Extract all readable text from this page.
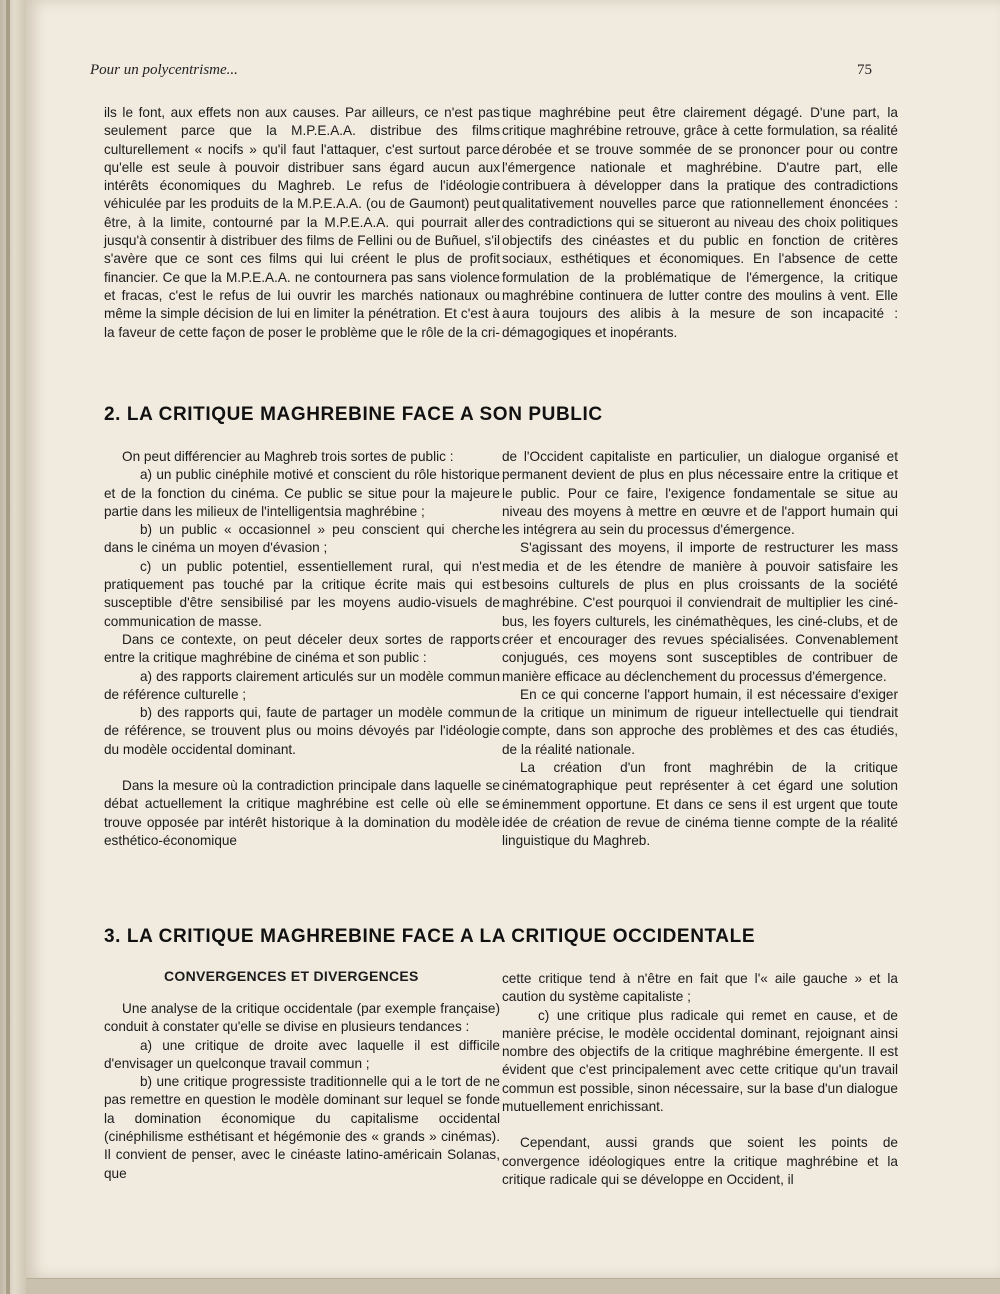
Pour un polycentrisme...	75

ils le font, aux effets non aux causes. Par ailleurs, ce n'est pas seulement parce que la M.P.E.A.A. distribue des films culturellement « nocifs » qu'il faut l'attaquer, c'est surtout parce qu'elle est seule à pouvoir distribuer sans égard aucun aux intérêts économiques du Maghreb. Le refus de l'idéologie véhiculée par les produits de la M.P.E.A.A. (ou de Gaumont) peut être, à la limite, contourné par la M.P.E.A.A. qui pourrait aller jusqu'à consentir à distribuer des films de Fellini ou de Buñuel, s'il s'avère que ce sont ces films qui lui créent le plus de profit financier. Ce que la M.P.E.A.A. ne contournera pas sans violence et fracas, c'est le refus de lui ouvrir les marchés nationaux ou même la simple décision de lui en limiter la pénétration. Et c'est à la faveur de cette façon de poser le problème que le rôle de la cri-

tique maghrébine peut être clairement dégagé. D'une part, la critique maghrébine retrouve, grâce à cette formulation, sa réalité dérobée et se trouve sommée de se prononcer pour ou contre l'émergence nationale et maghrébine. D'autre part, elle contribuera à développer dans la pratique des contradictions qualitativement nouvelles parce que rationnellement énoncées : des contradictions qui se situeront au niveau des choix politiques objectifs des cinéastes et du public en fonction de critères sociaux, esthétiques et économiques. En l'absence de cette formulation de la problématique de l'émergence, la critique maghrébine continuera de lutter contre des moulins à vent. Elle aura toujours des alibis à la mesure de son incapacité : démagogiques et inopérants.

2. LA CRITIQUE MAGHREBINE FACE A SON PUBLIC

On peut différencier au Maghreb trois sortes de public :

a) un public cinéphile motivé et conscient du rôle historique et de la fonction du cinéma. Ce public se situe pour la majeure partie dans les milieux de l'intelligentsia maghrébine ;

b) un public « occasionnel » peu conscient qui cherche dans le cinéma un moyen d'évasion ;

c) un public potentiel, essentiellement rural, qui n'est pratiquement pas touché par la critique écrite mais qui est susceptible d'être sensibilisé par les moyens audio-visuels de communication de masse.

Dans ce contexte, on peut déceler deux sortes de rapports entre la critique maghrébine de cinéma et son public :

a) des rapports clairement articulés sur un modèle commun de référence culturelle ;

b) des rapports qui, faute de partager un modèle commun de référence, se trouvent plus ou moins dévoyés par l'idéologie du modèle occidental dominant.

Dans la mesure où la contradiction principale dans laquelle se débat actuellement la critique maghrébine est celle où elle se trouve opposée par intérêt historique à la domination du modèle esthético-économique

de l'Occident capitaliste en particulier, un dialogue organisé et permanent devient de plus en plus nécessaire entre la critique et le public. Pour ce faire, l'exigence fondamentale se situe au niveau des moyens à mettre en œuvre et de l'apport humain qui les intégrera au sein du processus d'émergence.

S'agissant des moyens, il importe de restructurer les mass media et de les étendre de manière à pouvoir satisfaire les besoins culturels de plus en plus croissants de la société maghrébine. C'est pourquoi il conviendrait de multiplier les ciné-bus, les foyers culturels, les cinémathèques, les ciné-clubs, et de créer et encourager des revues spécialisées. Convenablement conjugués, ces moyens sont susceptibles de contribuer de manière efficace au déclenchement du processus d'émergence.

En ce qui concerne l'apport humain, il est nécessaire d'exiger de la critique un minimum de rigueur intellectuelle qui tiendrait compte, dans son approche des problèmes et des cas étudiés, de la réalité nationale.

La création d'un front maghrébin de la critique cinématographique peut représenter à cet égard une solution éminemment opportune. Et dans ce sens il est urgent que toute idée de création de revue de cinéma tienne compte de la réalité linguistique du Maghreb.

3. LA CRITIQUE MAGHREBINE FACE A LA CRITIQUE OCCIDENTALE
CONVERGENCES ET DIVERGENCES

Une analyse de la critique occidentale (par exemple française) conduit à constater qu'elle se divise en plusieurs tendances :

a) une critique de droite avec laquelle il est difficile d'envisager un quelconque travail commun ;

b) une critique progressiste traditionnelle qui a le tort de ne pas remettre en question le modèle dominant sur lequel se fonde la domination économique du capitalisme occidental (cinéphilisme esthétisant et hégémonie des « grands » cinémas). Il convient de penser, avec le cinéaste latino-américain Solanas, que

cette critique tend à n'être en fait que l'« aile gauche » et la caution du système capitaliste ;

c) une critique plus radicale qui remet en cause, et de manière précise, le modèle occidental dominant, rejoignant ainsi nombre des objectifs de la critique maghrébine émergente. Il est évident que c'est principalement avec cette critique qu'un travail commun est possible, sinon nécessaire, sur la base d'un dialogue mutuellement enrichissant.

Cependant, aussi grands que soient les points de convergence idéologiques entre la critique maghrébine et la critique radicale qui se développe en Occident, il
